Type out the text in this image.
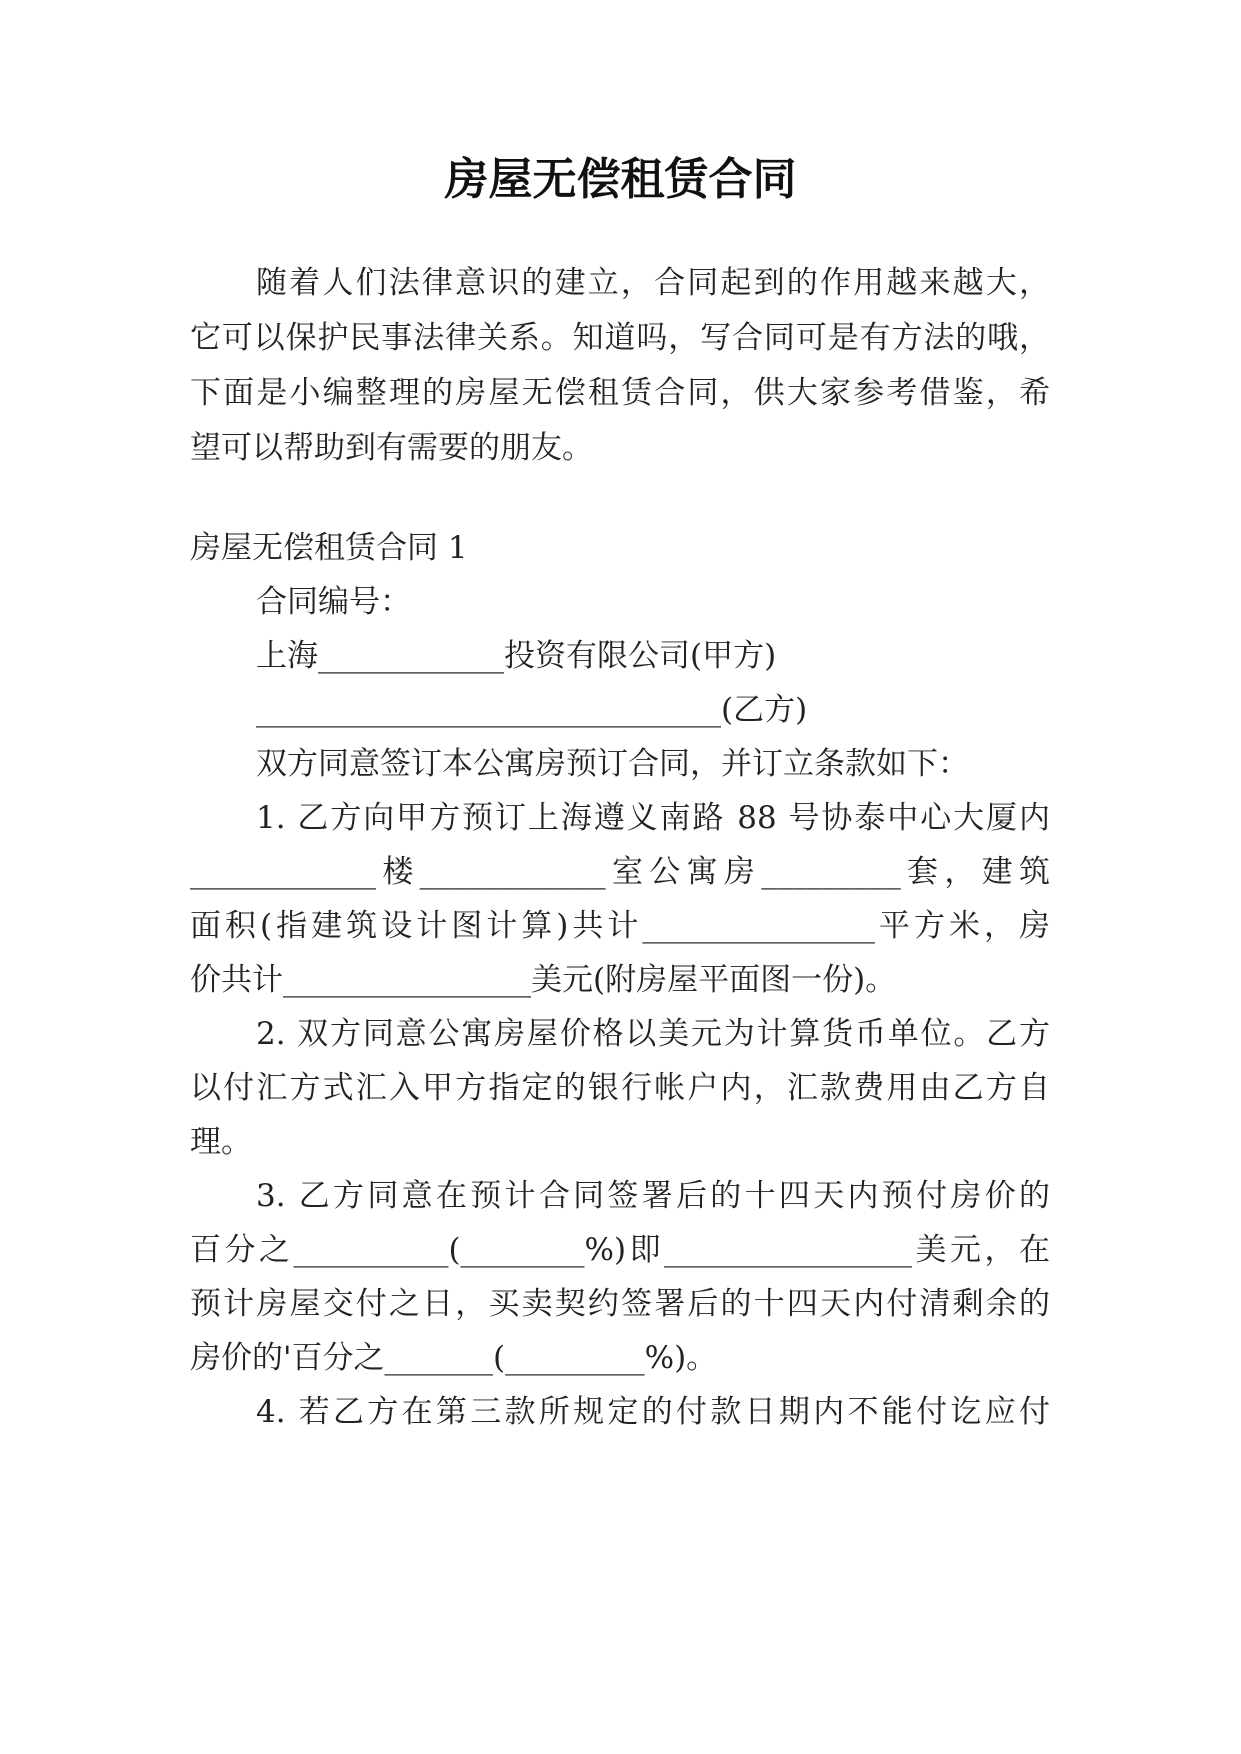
房屋无偿租赁合同
随着人们法律意识的建立，合同起到的作用越来越大，
它可以保护民事法律关系。知道吗，写合同可是有方法的哦，
下面是小编整理的房屋无偿租赁合同，供大家参考借鉴，希
望可以帮助到有需要的朋友。
房屋无偿租赁合同 1
合同编号：
上海____________投资有限公司(甲方)
______________________________(乙方)
双方同意签订本公寓房预订合同，并订立条款如下：
1. 乙方向甲方预订上海遵义南路 88 号协泰中心大厦内
____________楼____________室公寓房_________套，建筑
面积(指建筑设计图计算)共计_______________平方米，房
价共计________________美元(附房屋平面图一份)。
2. 双方同意公寓房屋价格以美元为计算货币单位。乙方
以付汇方式汇入甲方指定的银行帐户内，汇款费用由乙方自
理。
3. 乙方同意在预计合同签署后的十四天内预付房价的
百分之__________(________%)即________________美元，在
预计房屋交付之日，买卖契约签署后的十四天内付清剩余的
房价的'百分之_______(_________%)。
4. 若乙方在第三款所规定的付款日期内不能付讫应付
